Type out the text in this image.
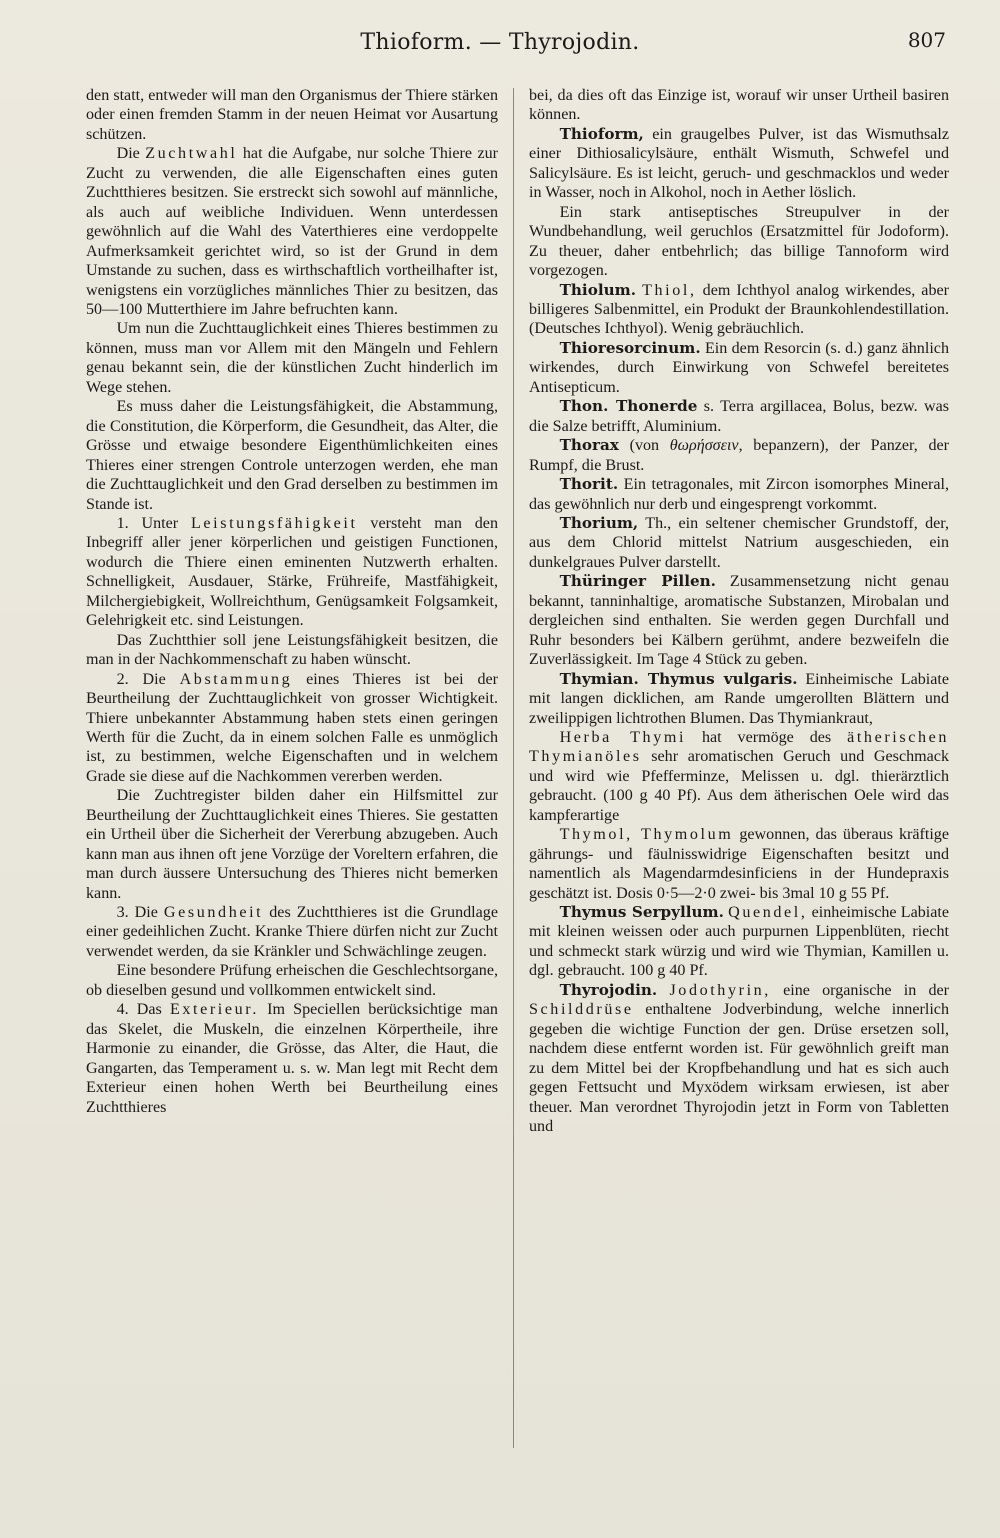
Thioform. — Thyrojodin.	807

den statt, entweder will man den Organismus der Thiere stärken oder einen fremden Stamm in der neuen Heimat vor Ausartung schützen.

Die Zuchtwahl hat die Aufgabe, nur solche Thiere zur Zucht zu verwenden, die alle Eigenschaften eines guten Zuchtthieres besitzen. Sie erstreckt sich sowohl auf männliche, als auch auf weibliche Individuen. Wenn unterdessen gewöhnlich auf die Wahl des Vaterthieres eine verdoppelte Aufmerksamkeit gerichtet wird, so ist der Grund in dem Umstande zu suchen, dass es wirthschaftlich vortheilhafter ist, wenigstens ein vorzügliches männliches Thier zu besitzen, das 50—100 Mutterthiere im Jahre befruchten kann.

Um nun die Zuchttauglichkeit eines Thieres bestimmen zu können, muss man vor Allem mit den Mängeln und Fehlern genau bekannt sein, die der künstlichen Zucht hinderlich im Wege stehen.

Es muss daher die Leistungsfähigkeit, die Abstammung, die Constitution, die Körperform, die Gesundheit, das Alter, die Grösse und etwaige besondere Eigenthümlichkeiten eines Thieres einer strengen Controle unterzogen werden, ehe man die Zuchttauglichkeit und den Grad derselben zu bestimmen im Stande ist.

1. Unter Leistungsfähigkeit versteht man den Inbegriff aller jener körperlichen und geistigen Functionen, wodurch die Thiere einen eminenten Nutzwerth erhalten. Schnelligkeit, Ausdauer, Stärke, Frühreife, Mastfähigkeit, Milchergiebigkeit, Wollreichthum, Genügsamkeit Folgsamkeit, Gelehrigkeit etc. sind Leistungen.

Das Zuchtthier soll jene Leistungsfähigkeit besitzen, die man in der Nachkommenschaft zu haben wünscht.

2. Die Abstammung eines Thieres ist bei der Beurtheilung der Zuchttauglichkeit von grosser Wichtigkeit. Thiere unbekannter Abstammung haben stets einen geringen Werth für die Zucht, da in einem solchen Falle es unmöglich ist, zu bestimmen, welche Eigenschaften und in welchem Grade sie diese auf die Nachkommen vererben werden.

Die Zuchtregister bilden daher ein Hilfsmittel zur Beurtheilung der Zuchttauglichkeit eines Thieres. Sie gestatten ein Urtheil über die Sicherheit der Vererbung abzugeben. Auch kann man aus ihnen oft jene Vorzüge der Voreltern erfahren, die man durch äussere Untersuchung des Thieres nicht bemerken kann.

3. Die Gesundheit des Zuchtthieres ist die Grundlage einer gedeihlichen Zucht. Kranke Thiere dürfen nicht zur Zucht verwendet werden, da sie Kränkler und Schwächlinge zeugen.

Eine besondere Prüfung erheischen die Geschlechtsorgane, ob dieselben gesund und vollkommen entwickelt sind.

4. Das Exterieur. Im Speciellen berücksichtige man das Skelet, die Muskeln, die einzelnen Körpertheile, ihre Harmonie zu einander, die Grösse, das Alter, die Haut, die Gangarten, das Temperament u. s. w. Man legt mit Recht dem Exterieur einen hohen Werth bei Beurtheilung eines Zuchtthieres

bei, da dies oft das Einzige ist, worauf wir unser Urtheil basiren können.

Thioform, ein graugelbes Pulver, ist das Wismuthsalz einer Dithiosalicylsäure, enthält Wismuth, Schwefel und Salicylsäure. Es ist leicht, geruch- und geschmacklos und weder in Wasser, noch in Alkohol, noch in Aether löslich.

Ein stark antiseptisches Streupulver in der Wundbehandlung, weil geruchlos (Ersatzmittel für Jodoform). Zu theuer, daher entbehrlich; das billige Tannoform wird vorgezogen.

Thiolum. Thiol, dem Ichthyol analog wirkendes, aber billigeres Salbenmittel, ein Produkt der Braunkohlendestillation. (Deutsches Ichthyol). Wenig gebräuchlich.

Thioresorcinum. Ein dem Resorcin (s. d.) ganz ähnlich wirkendes, durch Einwirkung von Schwefel bereitetes Antisepticum.

Thon. Thonerde s. Terra argillacea, Bolus, bezw. was die Salze betrifft, Aluminium.

Thorax (von θωρήσσειν, bepanzern), der Panzer, der Rumpf, die Brust.

Thorit. Ein tetragonales, mit Zircon isomorphes Mineral, das gewöhnlich nur derb und eingesprengt vorkommt.

Thorium, Th., ein seltener chemischer Grundstoff, der, aus dem Chlorid mittelst Natrium ausgeschieden, ein dunkelgraues Pulver darstellt.

Thüringer Pillen. Zusammensetzung nicht genau bekannt, tanninhaltige, aromatische Substanzen, Mirobalan und dergleichen sind enthalten. Sie werden gegen Durchfall und Ruhr besonders bei Kälbern gerühmt, andere bezweifeln die Zuverlässigkeit. Im Tage 4 Stück zu geben.

Thymian. Thymus vulgaris. Einheimische Labiate mit langen dicklichen, am Rande umgerollten Blättern und zweilippigen lichtrothen Blumen. Das Thymiankraut,

Herba Thymi hat vermöge des ätherischen Thymianöles sehr aromatischen Geruch und Geschmack und wird wie Pfefferminze, Melissen u. dgl. thierärztlich gebraucht. (100 g 40 Pf). Aus dem ätherischen Oele wird das kampferartige

Thymol, Thymolum gewonnen, das überaus kräftige gährungs- und fäulnisswidrige Eigenschaften besitzt und namentlich als Magendarmdesinficiens in der Hundepraxis geschätzt ist. Dosis 0·5—2·0 zwei- bis 3mal 10 g 55 Pf.

Thymus Serpyllum. Quendel, einheimische Labiate mit kleinen weissen oder auch purpurnen Lippenblüten, riecht und schmeckt stark würzig und wird wie Thymian, Kamillen u. dgl. gebraucht. 100 g 40 Pf.

Thyrojodin. Jodothyrin, eine organische in der Schilddrüse enthaltene Jodverbindung, welche innerlich gegeben die wichtige Function der gen. Drüse ersetzen soll, nachdem diese entfernt worden ist. Für gewöhnlich greift man zu dem Mittel bei der Kropfbehandlung und hat es sich auch gegen Fettsucht und Myxödem wirksam erwiesen, ist aber theuer. Man verordnet Thyrojodin jetzt in Form von Tabletten und
